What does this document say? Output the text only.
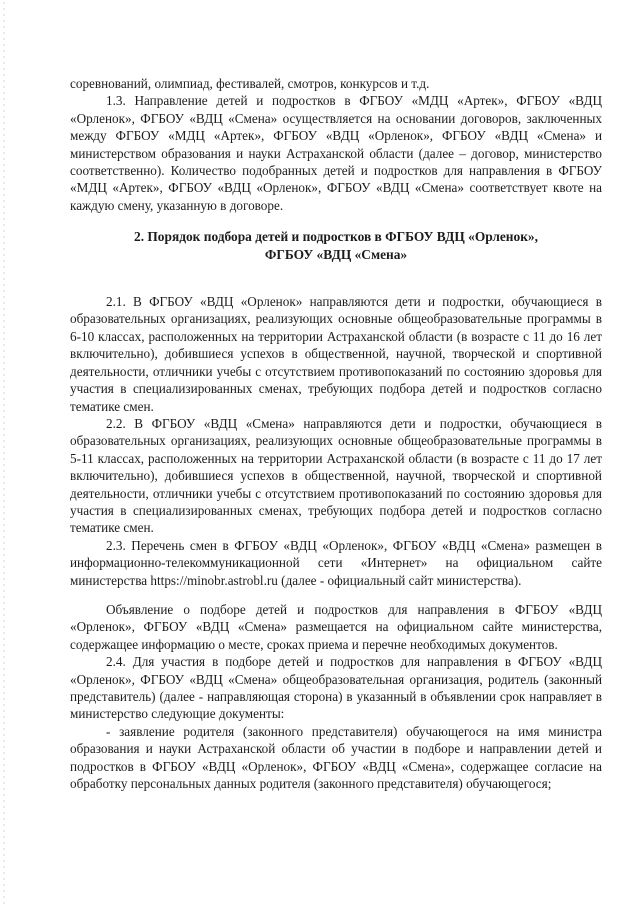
соревнований, олимпиад, фестивалей, смотров, конкурсов и т.д.

1.3. Направление детей и подростков в ФГБОУ «МДЦ «Артек», ФГБОУ «ВДЦ «Орленок», ФГБОУ «ВДЦ «Смена» осуществляется на основании договоров, заключенных между ФГБОУ «МДЦ «Артек», ФГБОУ «ВДЦ «Орленок», ФГБОУ «ВДЦ «Смена» и министерством образования и науки Астраханской области (далее – договор, министерство соответственно). Количество подобранных детей и подростков для направления в ФГБОУ «МДЦ «Артек», ФГБОУ «ВДЦ «Орленок», ФГБОУ «ВДЦ «Смена» соответствует квоте на каждую смену, указанную в договоре.

2. Порядок подбора детей и подростков в ФГБОУ ВДЦ «Орленок»,
ФГБОУ «ВДЦ «Смена»

2.1. В ФГБОУ «ВДЦ «Орленок» направляются дети и подростки, обучающиеся в образовательных организациях, реализующих основные общеобразовательные программы в 6-10 классах, расположенных на территории Астраханской области (в возрасте с 11 до 16 лет включительно), добившиеся успехов в общественной, научной, творческой и спортивной деятельности, отличники учебы с отсутствием противопоказаний по состоянию здоровья для участия в специализированных сменах, требующих подбора детей и подростков согласно тематике смен.

2.2. В ФГБОУ «ВДЦ «Смена» направляются дети и подростки, обучающиеся в образовательных организациях, реализующих основные общеобразовательные программы в 5-11 классах, расположенных на территории Астраханской области (в возрасте с 11 до 17 лет включительно), добившиеся успехов в общественной, научной, творческой и спортивной деятельности, отличники учебы с отсутствием противопоказаний по состоянию здоровья для участия в специализированных сменах, требующих подбора детей и подростков согласно тематике смен.

2.3. Перечень смен в ФГБОУ «ВДЦ «Орленок», ФГБОУ «ВДЦ «Смена» размещен в информационно-телекоммуникационной сети «Интернет» на официальном сайте министерства https://minobr.astrobl.ru (далее - официальный сайт министерства).

Объявление о подборе детей и подростков для направления в ФГБОУ «ВДЦ «Орленок», ФГБОУ «ВДЦ «Смена» размещается на официальном сайте министерства, содержащее информацию о месте, сроках приема и перечне необходимых документов.

2.4. Для участия в подборе детей и подростков для направления в ФГБОУ «ВДЦ «Орленок», ФГБОУ «ВДЦ «Смена» общеобразовательная организация, родитель (законный представитель) (далее - направляющая сторона) в указанный в объявлении срок направляет в министерство следующие документы:

- заявление родителя (законного представителя) обучающегося на имя министра образования и науки Астраханской области об участии в подборе и направлении детей и подростков в ФГБОУ «ВДЦ «Орленок», ФГБОУ «ВДЦ «Смена», содержащее согласие на обработку персональных данных родителя (законного представителя) обучающегося;
